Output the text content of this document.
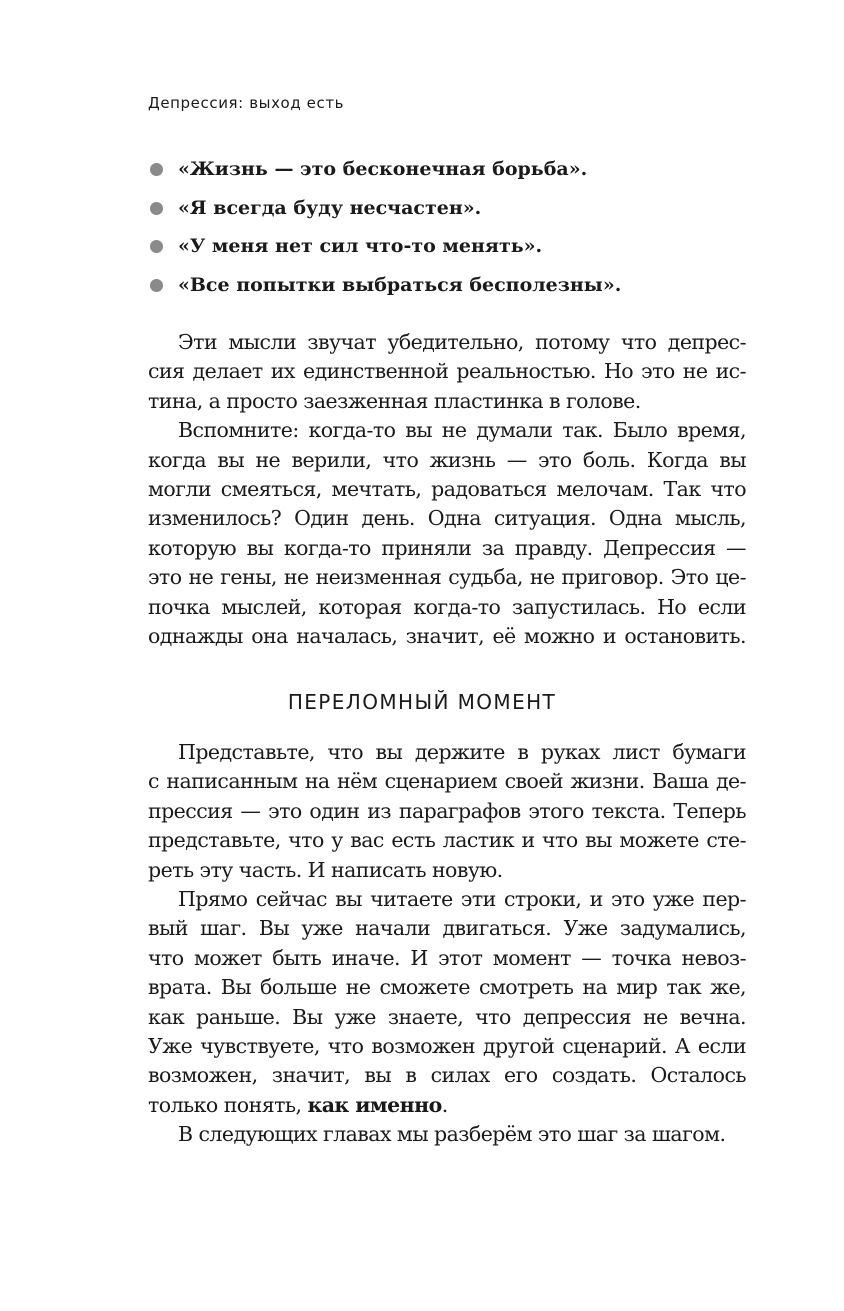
Депрессия: выход есть
«Жизнь — это бесконечная борьба».
«Я всегда буду несчастен».
«У меня нет сил что-то менять».
«Все попытки выбраться бесполезны».
Эти мысли звучат убедительно, потому что депрес-
сия делает их единственной реальностью. Но это не ис-
тина, а просто заезженная пластинка в голове.
Вспомните: когда-то вы не думали так. Было время,
когда вы не верили, что жизнь — это боль. Когда вы
могли смеяться, мечтать, радоваться мелочам. Так что
изменилось? Один день. Одна ситуация. Одна мысль,
которую вы когда-то приняли за правду. Депрессия —
это не гены, не неизменная судьба, не приговор. Это це-
почка мыслей, которая когда-то запустилась. Но если
однажды она началась, значит, её можно и остановить.
ПЕРЕЛОМНЫЙ МОМЕНТ
Представьте, что вы держите в руках лист бумаги
с написанным на нём сценарием своей жизни. Ваша де-
прессия — это один из параграфов этого текста. Теперь
представьте, что у вас есть ластик и что вы можете сте-
реть эту часть. И написать новую.
Прямо сейчас вы читаете эти строки, и это уже пер-
вый шаг. Вы уже начали двигаться. Уже задумались,
что может быть иначе. И этот момент — точка невоз-
врата. Вы больше не сможете смотреть на мир так же,
как раньше. Вы уже знаете, что депрессия не вечна.
Уже чувствуете, что возможен другой сценарий. А если
возможен, значит, вы в силах его создать. Осталось
только понять, как именно.
В следующих главах мы разберём это шаг за шагом.
